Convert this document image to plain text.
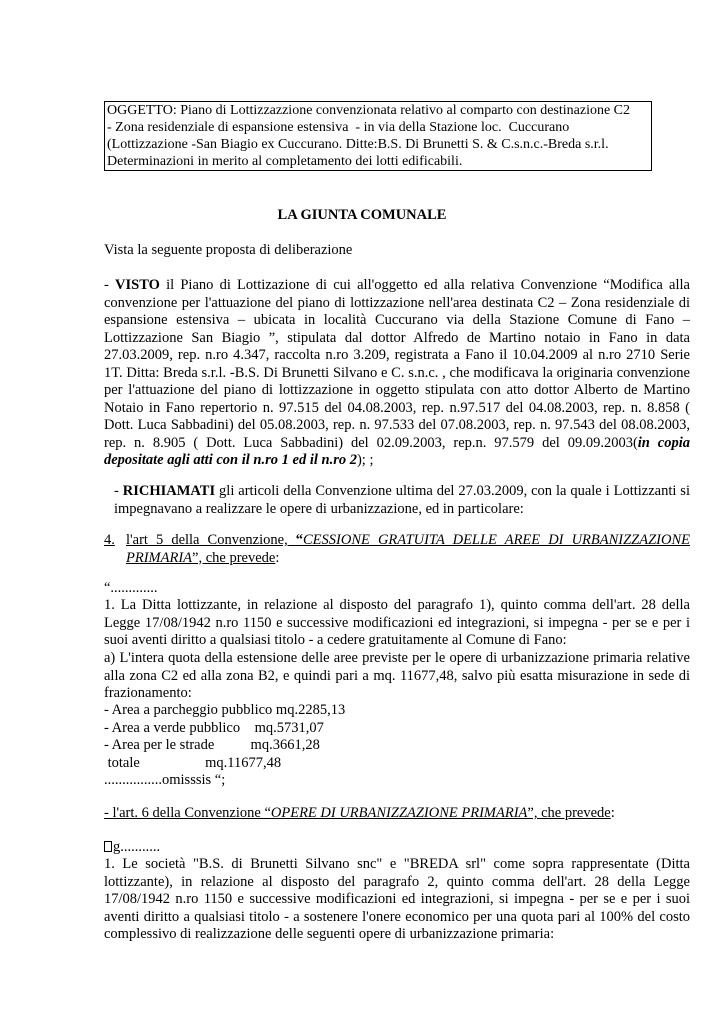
OGGETTO: Piano di Lottizzazzione convenzionata relativo al comparto con destinazione C2
- Zona residenziale di espansione estensiva  - in via della Stazione loc.  Cuccurano
(Lottizzazione -San Biagio ex Cuccurano. Ditte:B.S. Di Brunetti S. & C.s.n.c.-Breda s.r.l.
Determinazioni in merito al completamento dei lotti edificabili.
LA GIUNTA COMUNALE
Vista la seguente proposta di deliberazione
- VISTO il Piano di Lottizazione di cui all'oggetto ed alla relativa Convenzione “Modifica alla convenzione per l'attuazione del piano di lottizzazione nell'area destinata C2 – Zona residenziale di espansione estensiva – ubicata in località Cuccurano via della Stazione Comune di Fano – Lottizzazione San Biagio ”, stipulata dal dottor Alfredo de Martino notaio in Fano in data 27.03.2009, rep. n.ro 4.347, raccolta n.ro 3.209, registrata a Fano il 10.04.2009 al n.ro 2710 Serie 1T. Ditta: Breda s.r.l. -B.S. Di Brunetti Silvano e C. s.n.c. , che modificava la originaria convenzione per l'attuazione del piano di lottizzazione in oggetto stipulata con atto dottor Alberto de Martino Notaio in Fano repertorio n. 97.515 del 04.08.2003, rep. n.97.517 del 04.08.2003, rep. n. 8.858 ( Dott. Luca Sabbadini) del 05.08.2003, rep. n. 97.533 del 07.08.2003, rep. n. 97.543 del 08.08.2003, rep. n. 8.905 ( Dott. Luca Sabbadini) del 02.09.2003, rep.n. 97.579 del 09.09.2003(in copia depositate agli atti con il n.ro 1 ed il n.ro 2); ;
- RICHIAMATI gli articoli della Convenzione ultima del 27.03.2009, con la quale i Lottizzanti si impegnavano a realizzare le opere di urbanizzazione, ed in particolare:
4. l'art 5 della Convenzione, “CESSIONE GRATUITA DELLE AREE DI URBANIZZAZIONE PRIMARIA”, che prevede:
“.............
1. La Ditta lottizzante, in relazione al disposto del paragrafo 1), quinto comma dell'art. 28 della Legge 17/08/1942 n.ro 1150 e successive modificazioni ed integrazioni, si impegna - per se e per i suoi aventi diritto a qualsiasi titolo - a cedere gratuitamente al Comune di Fano:
a) L'intera quota della estensione delle aree previste per le opere di urbanizzazione primaria relative alla zona C2 ed alla zona B2, e quindi pari a mq. 11677,48, salvo più esatta misurazione in sede di frazionamento:
- Area a parcheggio pubblico mq.2285,13
- Area a verde pubblico    mq.5731,07
- Area per le strade          mq.3661,28
totale                  mq.11677,48
................omisssis “;
- l'art. 6 della Convenzione “OPERE DI URBANIZZAZIONE PRIMARIA”, che prevede:
g...........
1. Le società "B.S. di Brunetti Silvano snc" e "BREDA srl" come sopra rappresentate (Ditta lottizzante), in relazione al disposto del paragrafo 2, quinto comma dell'art. 28 della Legge 17/08/1942 n.ro 1150 e successive modificazioni ed integrazioni, si impegna - per se e per i suoi aventi diritto a qualsiasi titolo - a sostenere l'onere economico per una quota pari al 100% del costo complessivo di realizzazione delle seguenti opere di urbanizzazione primaria:
